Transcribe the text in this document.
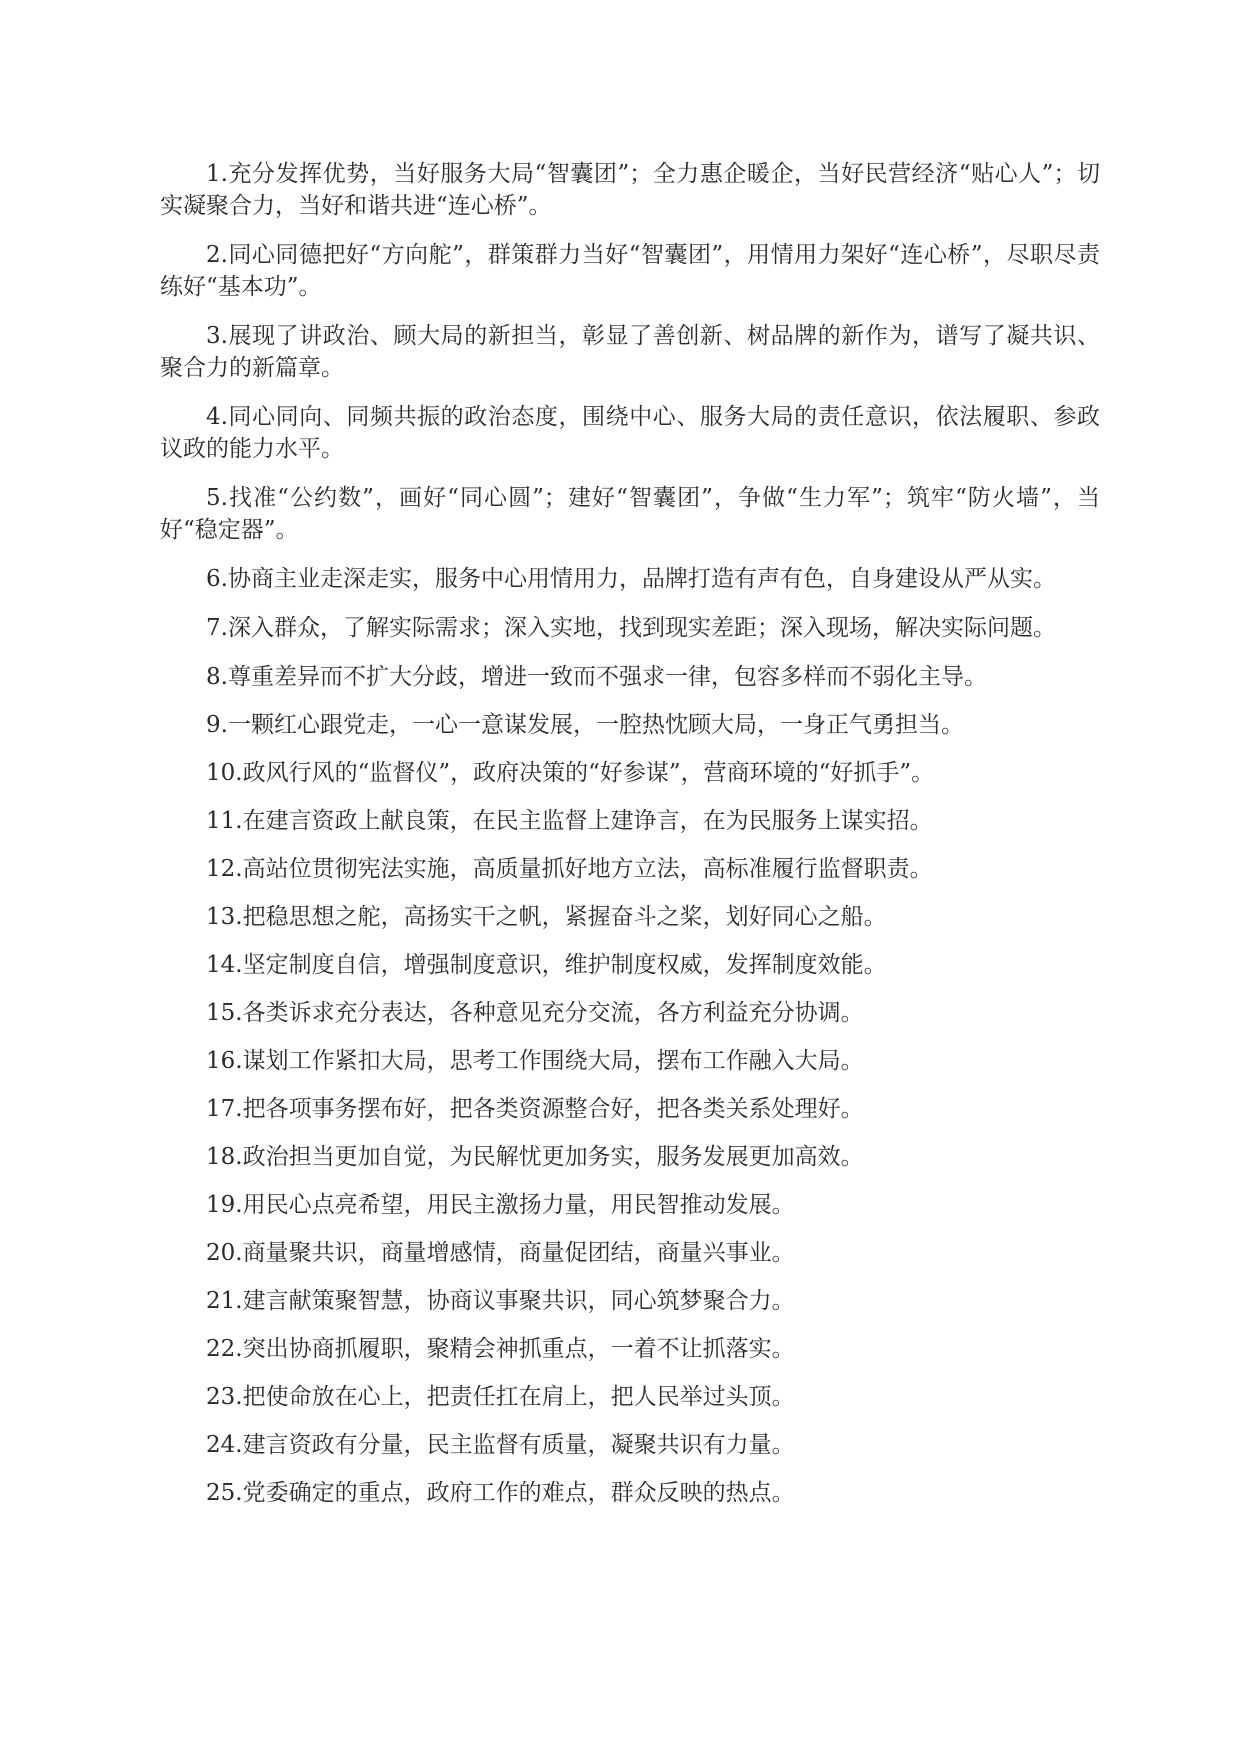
1.充分发挥优势，当好服务大局“智囊团”；全力惠企暖企，当好民营经济“贴心人”；切实凝聚合力，当好和谐共进“连心桥”。

2.同心同德把好“方向舵”，群策群力当好“智囊团”，用情用力架好“连心桥”，尽职尽责练好“基本功”。

3.展现了讲政治、顾大局的新担当，彰显了善创新、树品牌的新作为，谱写了凝共识、聚合力的新篇章。

4.同心同向、同频共振的政治态度，围绕中心、服务大局的责任意识，依法履职、参政议政的能力水平。

5.找准“公约数”，画好“同心圆”；建好“智囊团”，争做“生力军”；筑牢“防火墙”，当好“稳定器”。

6.协商主业走深走实，服务中心用情用力，品牌打造有声有色，自身建设从严从实。

7.深入群众，了解实际需求；深入实地，找到现实差距；深入现场，解决实际问题。

8.尊重差异而不扩大分歧，增进一致而不强求一律，包容多样而不弱化主导。

9.一颗红心跟党走，一心一意谋发展，一腔热忱顾大局，一身正气勇担当。

10.政风行风的“监督仪”，政府决策的“好参谋”，营商环境的“好抓手”。

11.在建言资政上献良策，在民主监督上建诤言，在为民服务上谋实招。

12.高站位贯彻宪法实施，高质量抓好地方立法，高标准履行监督职责。

13.把稳思想之舵，高扬实干之帆，紧握奋斗之桨，划好同心之船。

14.坚定制度自信，增强制度意识，维护制度权威，发挥制度效能。

15.各类诉求充分表达，各种意见充分交流，各方利益充分协调。

16.谋划工作紧扣大局，思考工作围绕大局，摆布工作融入大局。

17.把各项事务摆布好，把各类资源整合好，把各类关系处理好。

18.政治担当更加自觉，为民解忧更加务实，服务发展更加高效。

19.用民心点亮希望，用民主激扬力量，用民智推动发展。

20.商量聚共识，商量增感情，商量促团结，商量兴事业。

21.建言献策聚智慧，协商议事聚共识，同心筑梦聚合力。

22.突出协商抓履职，聚精会神抓重点，一着不让抓落实。

23.把使命放在心上，把责任扛在肩上，把人民举过头顶。

24.建言资政有分量，民主监督有质量，凝聚共识有力量。

25.党委确定的重点，政府工作的难点，群众反映的热点。
